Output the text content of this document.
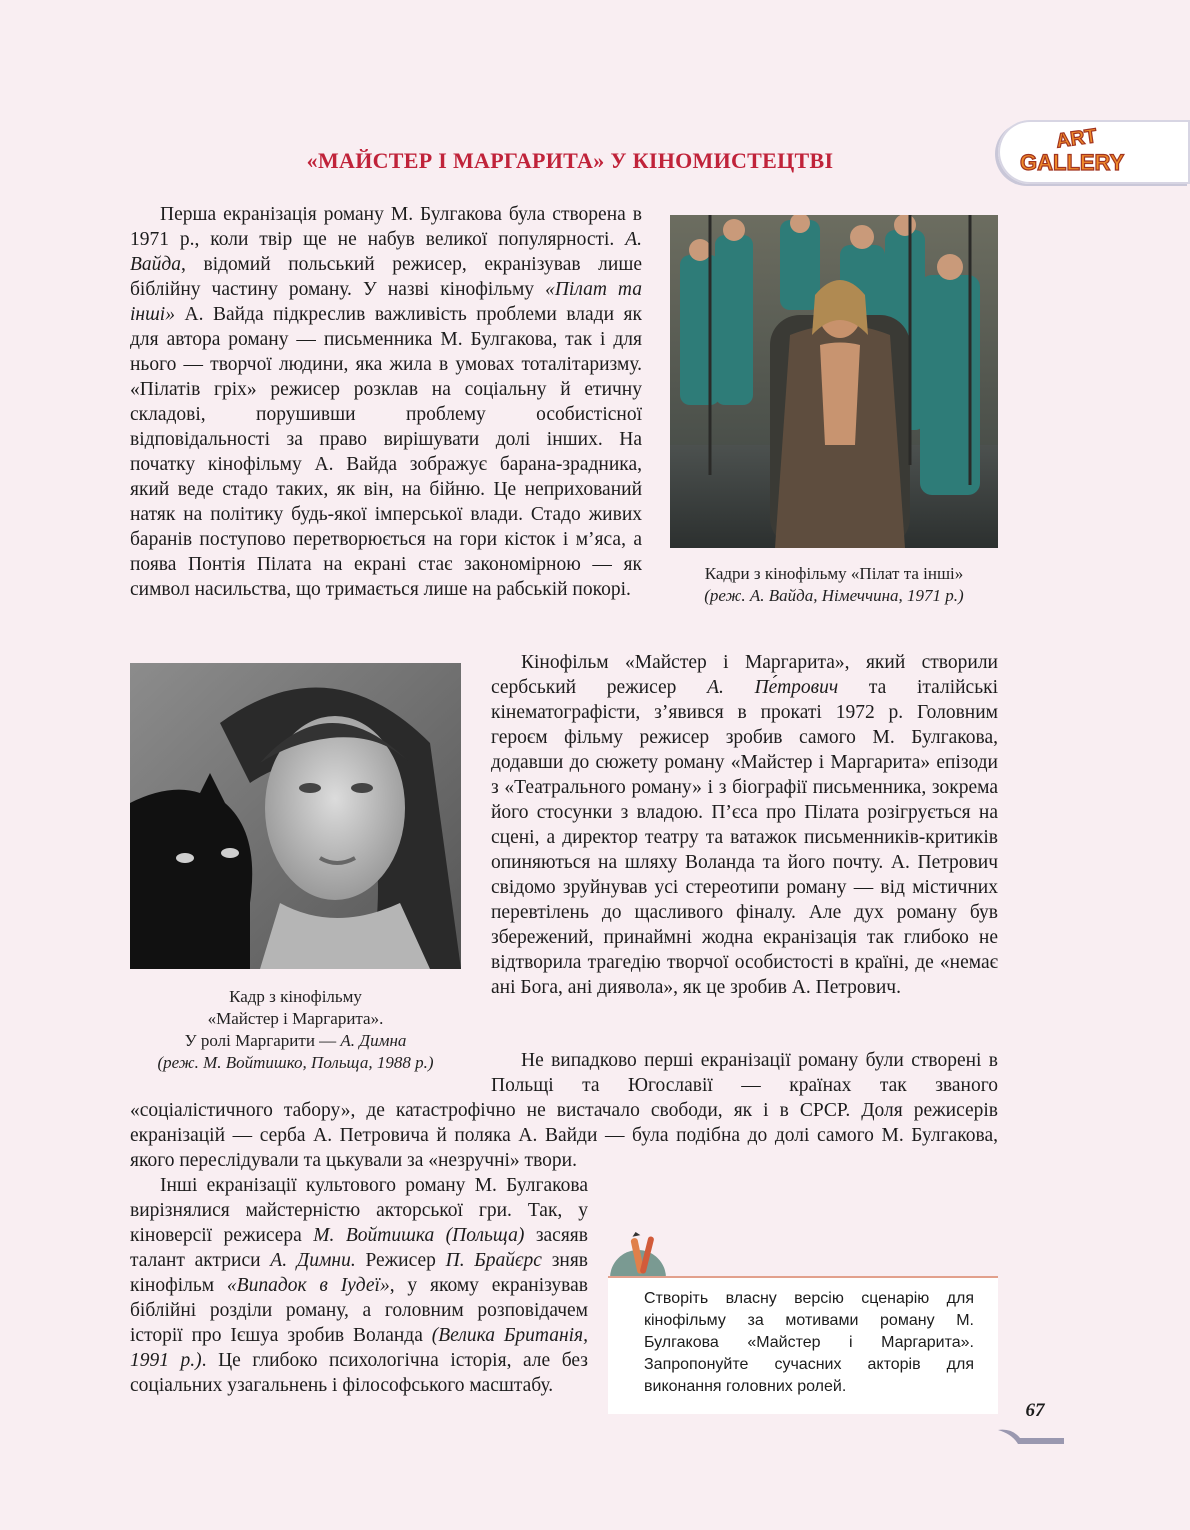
«МАЙСТЕР І МАРГАРИТА» У КІНОМИСТЕЦТВІ
ART
GALLERY

Перша екранізація роману М. Булгакова була створена в 1971 р., коли твір ще не набув великої популярності. А. Вайда, відомий польський режисер, екранізував лише біблійну частину роману. У назві кінофільму «Пілат та інші» А. Вайда підкреслив важливість проблеми влади як для автора роману — письменника М. Булгакова, так і для нього — творчої людини, яка жила в умовах тоталітаризму. «Пілатів гріх» режисер розклав на соціальну й етичну складові, порушивши проблему особистісної відповідальності за право вирішувати долі інших. На початку кінофільму А. Вайда зображує барана-зрадника, який веде стадо таких, як він, на бійню. Це неприхований натяк на політику будь-якої імперської влади. Стадо живих баранів поступово перетворюється на гори кісток і м’яса, а поява Понтія Пілата на екрані стає закономірною — як символ насильства, що тримається лише на рабській покорі.

Кадри з кінофільму «Пілат та інші»
(реж. А. Вайда, Німеччина, 1971 р.)
Кадр з кінофільму
«Майстер і Маргарита».
У ролі Маргарити — А. Димна
(реж. М. Войтишко, Польща, 1988 р.)

Кінофільм «Майстер і Маргарита», який створили сербський режисер А. Пе́трович та італійські кінематографісти, з’явився в прокаті 1972 р. Головним героєм фільму режисер зробив самого М. Булгакова, додавши до сюжету роману «Майстер і Маргарита» епізоди з «Театрального роману» і з біографії письменника, зокрема його стосунки з владою. П’єса про Пілата розігрується на сцені, а директор театру та ватажок письменників-критиків опиняються на шляху Воланда та його почту. А. Петрович свідомо зруйнував усі стереотипи роману — від містичних перевтілень до щасливого фіналу. Але дух роману був збережений, принаймні жодна екранізація так глибоко не відтворила трагедію творчої особистості в країні, де «немає ані Бога, ані диявола», як це зробив А. Петрович.

Не випадково перші екранізації роману були створені в Польщі та Югославії — країнах так званого «соціалістичного табору», де катастрофічно не вистачало свободи, як і в СРСР. Доля режисерів екранізацій — серба А. Петровича й поляка А. Вайди — була подібна до долі самого М. Булгакова, якого переслідували та цькували за «незручні» твори.

Інші екранізації культового роману М. Булгакова вирізнялися майстерністю акторської гри. Так, у кіноверсії режисера М. Войтишка (Польща) засяяв талант актриси А. Димни. Режисер П. Брайєрс зняв кінофільм «Випадок в Іудеї», у якому екранізував біблійні розділи роману, а головним розповідачем історії про Ієшуа зробив Воланда (Велика Британія, 1991 р.). Це глибоко психологічна історія, але без соціальних узагальнень і філософського масштабу.

Створіть власну версію сценарію для кінофільму за мотивами роману М. Булгакова «Майстер і Маргарита». Запропонуйте сучасних акторів для виконання головних ролей.
67
